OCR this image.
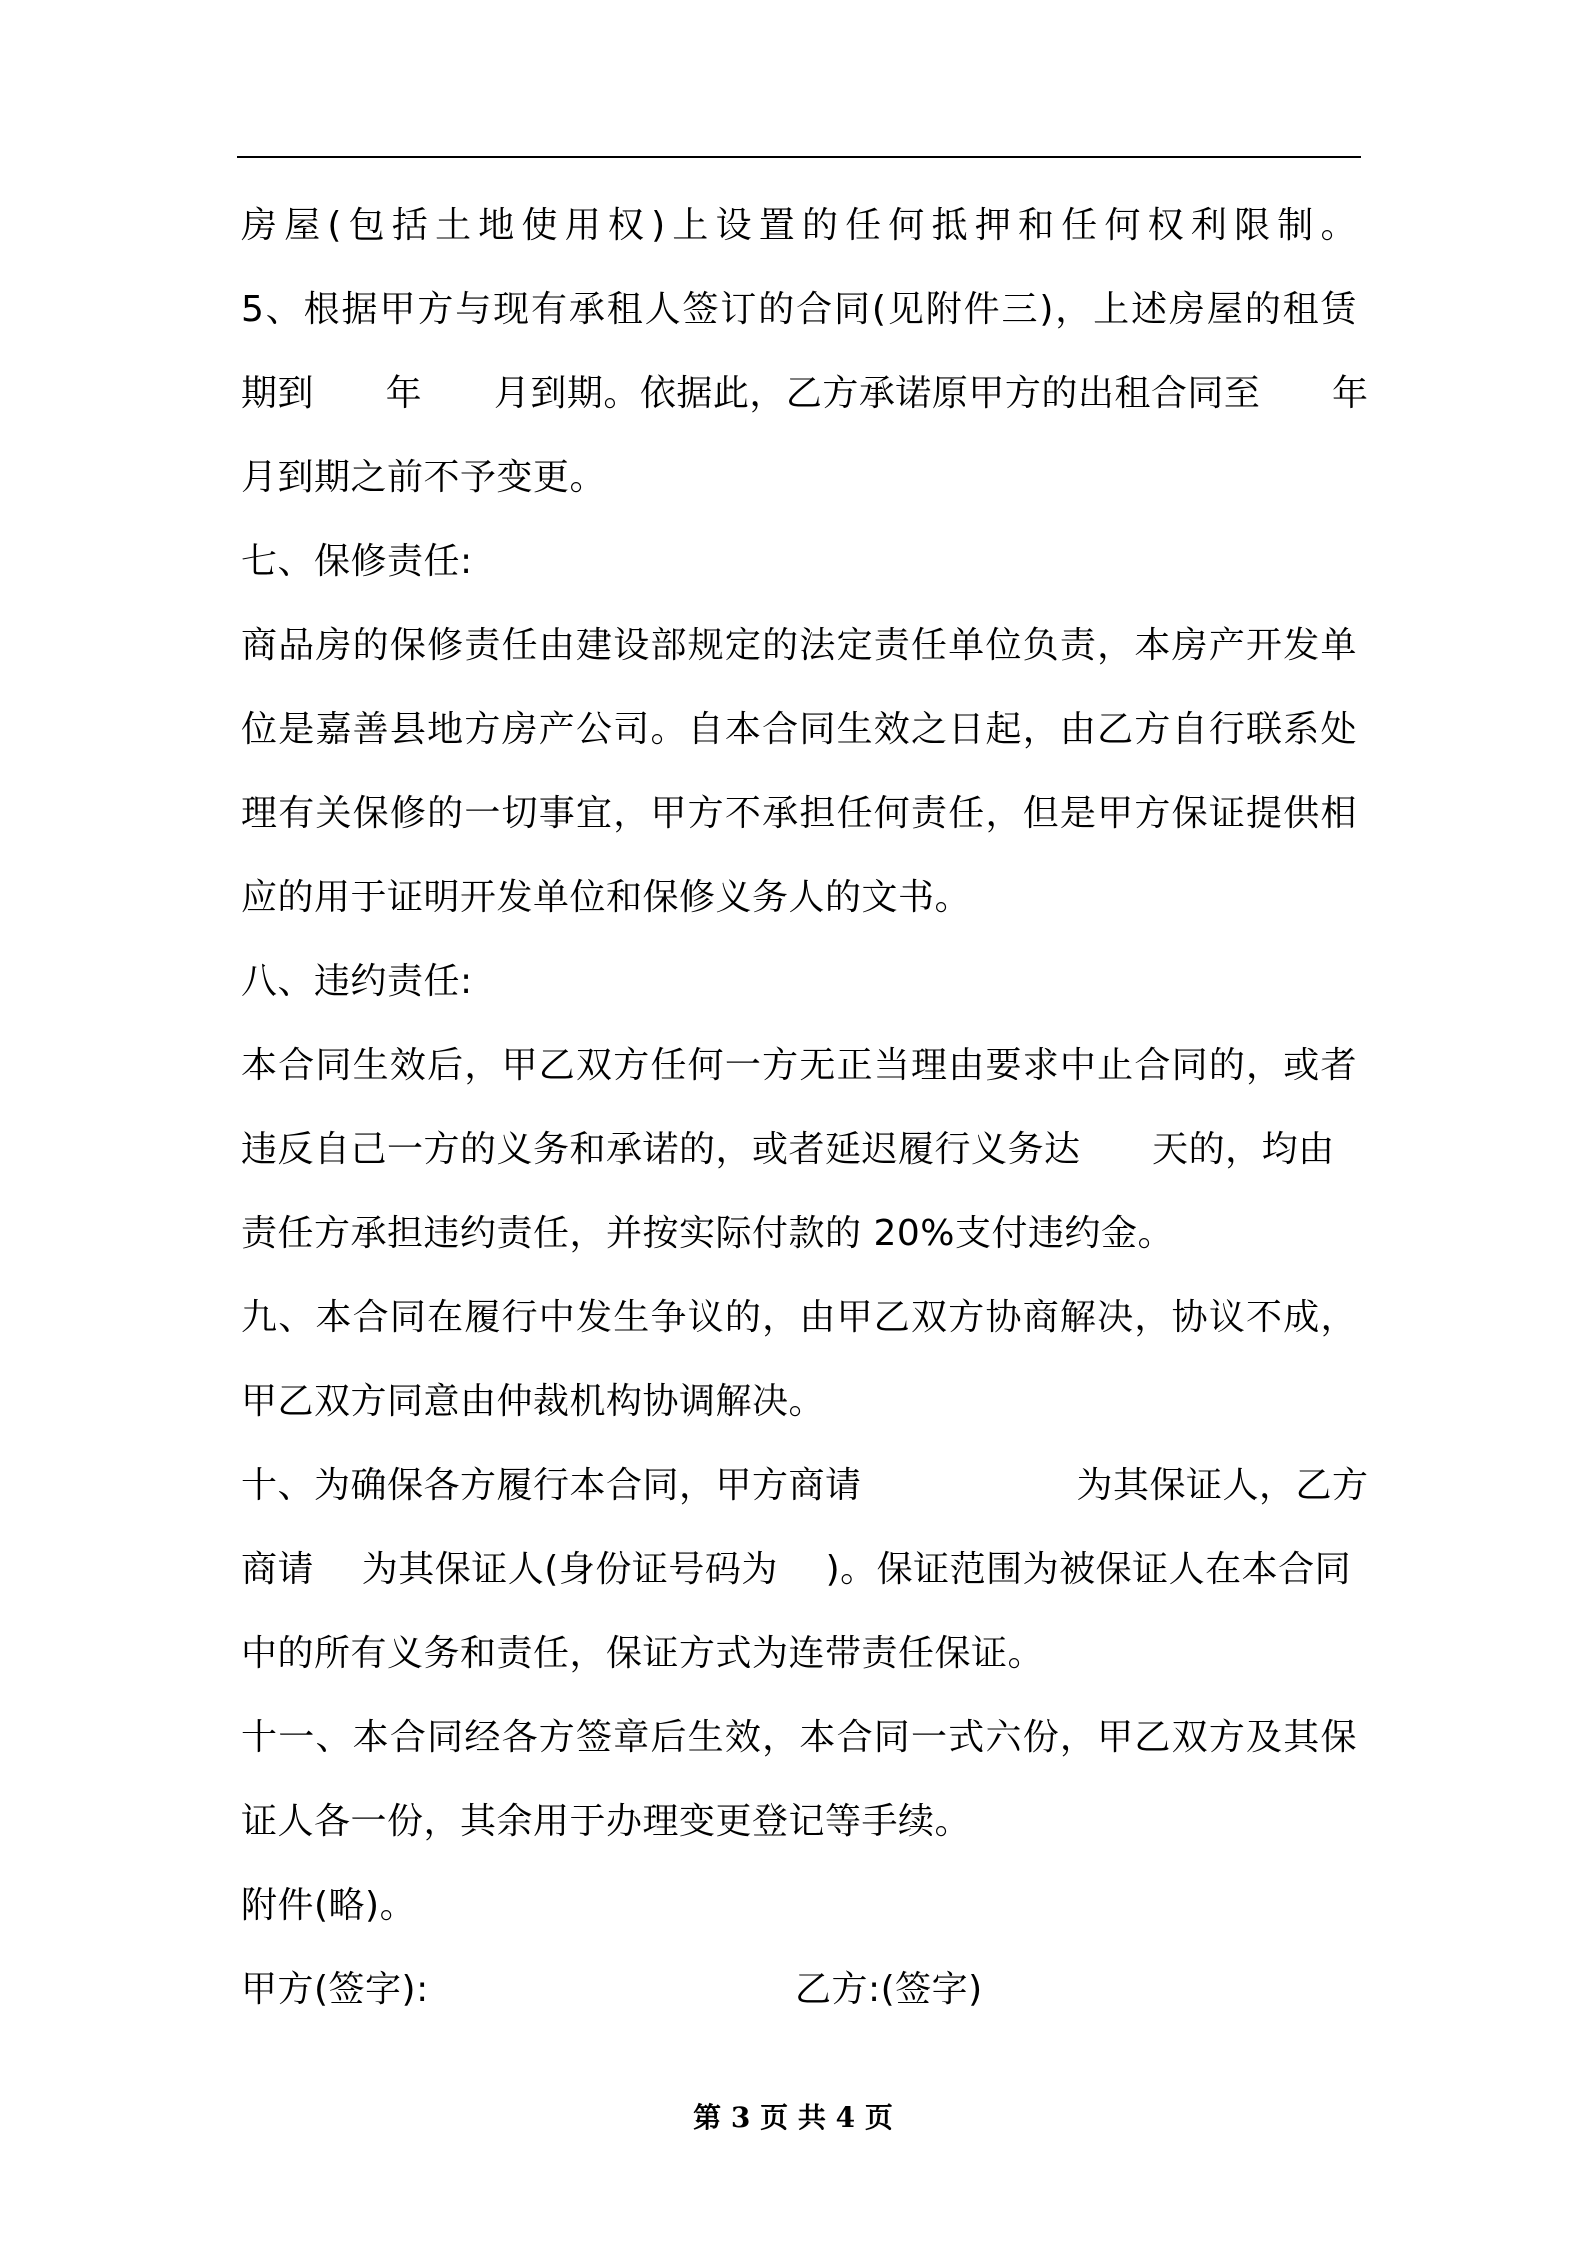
房屋(包括土地使用权)上设置的任何抵押和任何权利限制。
5、根据甲方与现有承租人签订的合同(见附件三)，上述房屋的租赁
期到      年      月到期。依据此，乙方承诺原甲方的出租合同至      年
月到期之前不予变更。
七、保修责任:
商品房的保修责任由建设部规定的法定责任单位负责，本房产开发单
位是嘉善县地方房产公司。自本合同生效之日起，由乙方自行联系处
理有关保修的一切事宜，甲方不承担任何责任，但是甲方保证提供相
应的用于证明开发单位和保修义务人的文书。
八、违约责任:
本合同生效后，甲乙双方任何一方无正当理由要求中止合同的，或者
违反自己一方的义务和承诺的，或者延迟履行义务达      天的，均由
责任方承担违约责任，并按实际付款的 20%支付违约金。
九、本合同在履行中发生争议的，由甲乙双方协商解决，协议不成，
甲乙双方同意由仲裁机构协调解决。
十、为确保各方履行本合同，甲方商请                  为其保证人，乙方
商请    为其保证人(身份证号码为    )。保证范围为被保证人在本合同
中的所有义务和责任，保证方式为连带责任保证。
十一、本合同经各方签章后生效，本合同一式六份，甲乙双方及其保
证人各一份，其余用于办理变更登记等手续。
附件(略)。
甲方(签字):	乙方:(签字)
第 3 页 共 4 页
